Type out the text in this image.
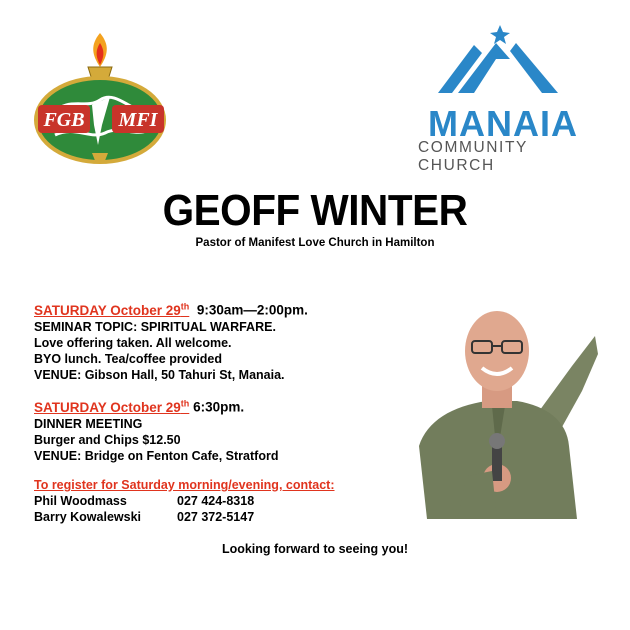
FGB MFI	MANAIA
COMMUNITY CHURCH
GEOFF WINTER
Pastor of Manifest Love Church in Hamilton
SATURDAY October 29th 9:30am—2:00pm.
SEMINAR TOPIC: SPIRITUAL WARFARE.
Love offering taken. All welcome.
BYO lunch. Tea/coffee provided
VENUE: Gibson Hall, 50 Tahuri St, Manaia.
SATURDAY October 29th 6:30pm.
DINNER MEETING
Burger and Chips $12.50
VENUE: Bridge on Fenton Cafe, Stratford
To register for Saturday morning/evening, contact:
Phil Woodmass	027 424-8318
Barry Kowalewski	027 372-5147
Looking forward to seeing you!
